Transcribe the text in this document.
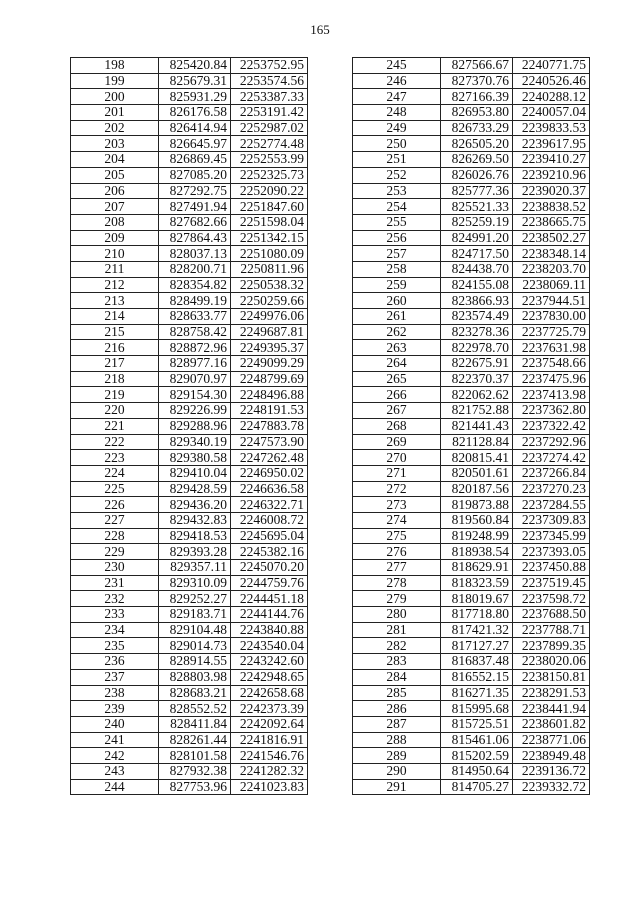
165
198	825420.84	2253752.95
199	825679.31	2253574.56
200	825931.29	2253387.33
201	826176.58	2253191.42
202	826414.94	2252987.02
203	826645.97	2252774.48
204	826869.45	2252553.99
205	827085.20	2252325.73
206	827292.75	2252090.22
207	827491.94	2251847.60
208	827682.66	2251598.04
209	827864.43	2251342.15
210	828037.13	2251080.09
211	828200.71	2250811.96
212	828354.82	2250538.32
213	828499.19	2250259.66
214	828633.77	2249976.06
215	828758.42	2249687.81
216	828872.96	2249395.37
217	828977.16	2249099.29
218	829070.97	2248799.69
219	829154.30	2248496.88
220	829226.99	2248191.53
221	829288.96	2247883.78
222	829340.19	2247573.90
223	829380.58	2247262.48
224	829410.04	2246950.02
225	829428.59	2246636.58
226	829436.20	2246322.71
227	829432.83	2246008.72
228	829418.53	2245695.04
229	829393.28	2245382.16
230	829357.11	2245070.20
231	829310.09	2244759.76
232	829252.27	2244451.18
233	829183.71	2244144.76
234	829104.48	2243840.88
235	829014.73	2243540.04
236	828914.55	2243242.60
237	828803.98	2242948.65
238	828683.21	2242658.68
239	828552.52	2242373.39
240	828411.84	2242092.64
241	828261.44	2241816.91
242	828101.58	2241546.76
243	827932.38	2241282.32
244	827753.96	2241023.83
245	827566.67	2240771.75
246	827370.76	2240526.46
247	827166.39	2240288.12
248	826953.80	2240057.04
249	826733.29	2239833.53
250	826505.20	2239617.95
251	826269.50	2239410.27
252	826026.76	2239210.96
253	825777.36	2239020.37
254	825521.33	2238838.52
255	825259.19	2238665.75
256	824991.20	2238502.27
257	824717.50	2238348.14
258	824438.70	2238203.70
259	824155.08	2238069.11
260	823866.93	2237944.51
261	823574.49	2237830.00
262	823278.36	2237725.79
263	822978.70	2237631.98
264	822675.91	2237548.66
265	822370.37	2237475.96
266	822062.62	2237413.98
267	821752.88	2237362.80
268	821441.43	2237322.42
269	821128.84	2237292.96
270	820815.41	2237274.42
271	820501.61	2237266.84
272	820187.56	2237270.23
273	819873.88	2237284.55
274	819560.84	2237309.83
275	819248.99	2237345.99
276	818938.54	2237393.05
277	818629.91	2237450.88
278	818323.59	2237519.45
279	818019.67	2237598.72
280	817718.80	2237688.50
281	817421.32	2237788.71
282	817127.27	2237899.35
283	816837.48	2238020.06
284	816552.15	2238150.81
285	816271.35	2238291.53
286	815995.68	2238441.94
287	815725.51	2238601.82
288	815461.06	2238771.06
289	815202.59	2238949.48
290	814950.64	2239136.72
291	814705.27	2239332.72
